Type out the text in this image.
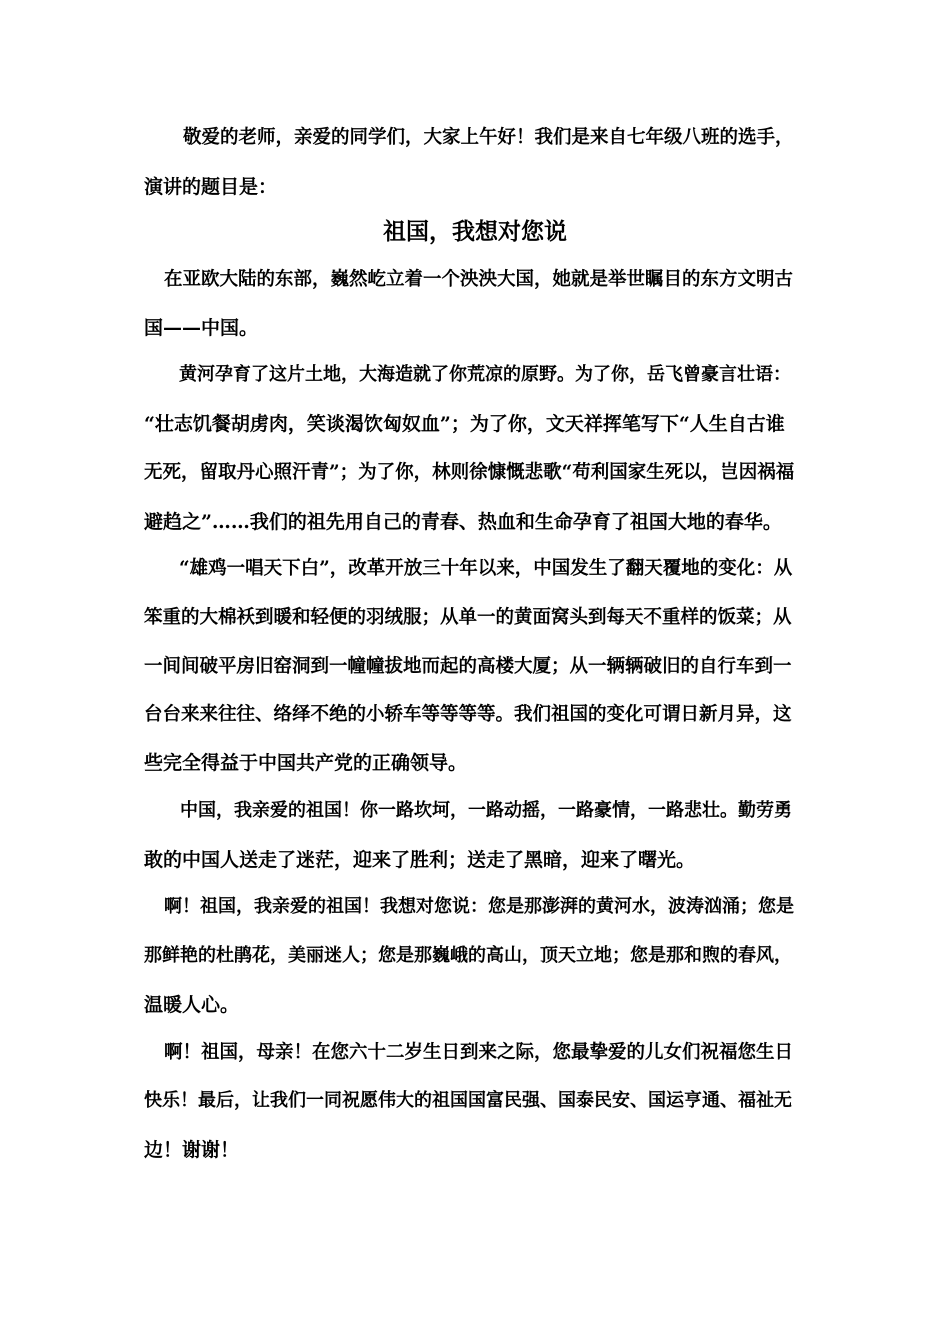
敬爱的老师，亲爱的同学们，大家上午好！我们是来自七年级八班的选手，
演讲的题目是：
祖国，我想对您说
在亚欧大陆的东部，巍然屹立着一个泱泱大国，她就是举世瞩目的东方文明古
国——中国。
黄河孕育了这片土地，大海造就了你荒凉的原野。为了你，岳飞曾豪言壮语：
“壮志饥餐胡虏肉，笑谈渴饮匈奴血”；为了你，文天祥挥笔写下“人生自古谁
无死，留取丹心照汗青”；为了你，林则徐慷慨悲歌“苟利国家生死以，岂因祸福
避趋之”……我们的祖先用自己的青春、热血和生命孕育了祖国大地的春华。
“雄鸡一唱天下白”，改革开放三十年以来，中国发生了翻天覆地的变化：从
笨重的大棉袄到暖和轻便的羽绒服；从单一的黄面窝头到每天不重样的饭菜；从
一间间破平房旧窑洞到一幢幢拔地而起的高楼大厦；从一辆辆破旧的自行车到一
台台来来往往、络绎不绝的小轿车等等等等。我们祖国的变化可谓日新月异，这
些完全得益于中国共产党的正确领导。
中国，我亲爱的祖国！你一路坎坷，一路动摇，一路豪情，一路悲壮。勤劳勇
敢的中国人送走了迷茫，迎来了胜利；送走了黑暗，迎来了曙光。
啊！祖国，我亲爱的祖国！我想对您说：您是那澎湃的黄河水，波涛汹涌；您是
那鲜艳的杜鹃花，美丽迷人；您是那巍峨的高山，顶天立地；您是那和煦的春风，
温暖人心。
啊！祖国，母亲！在您六十二岁生日到来之际，您最挚爱的儿女们祝福您生日
快乐！最后，让我们一同祝愿伟大的祖国国富民强、国泰民安、国运亨通、福祉无
边！谢谢！
